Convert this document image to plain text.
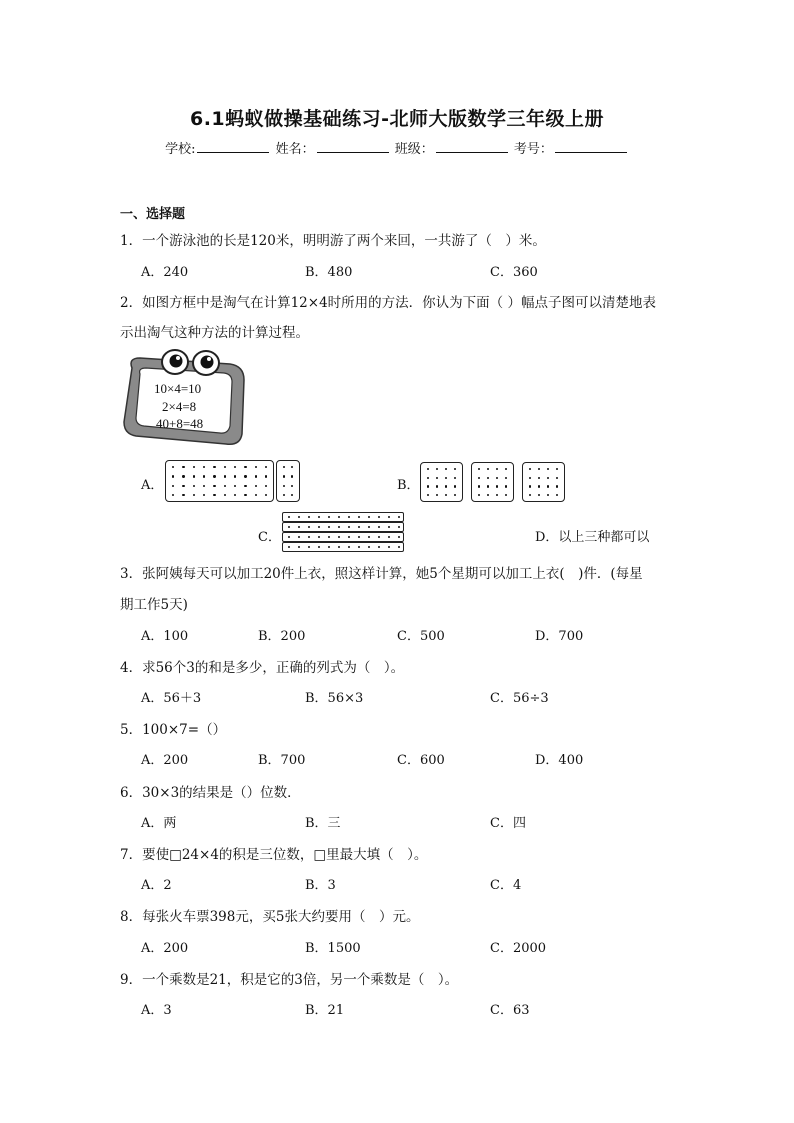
6.1蚂蚁做操基础练习-北师大版数学三年级上册
学校:	姓名：	班级：	考号：
一、选择题
1．一个游泳池的长是120米，明明游了两个来回，一共游了（　）米。
A．240	B．480	C．360
2．如图方框中是淘气在计算12×4时所用的方法．你认为下面（ ）幅点子图可以清楚地表
示出淘气这种方法的计算过程。
10×4=10
2×4=8
40+8=48
A．	B．
C．	D．以上三种都可以
3．张阿姨每天可以加工20件上衣，照这样计算，她5个星期可以加工上衣(　)件．(每星
期工作5天)
A．100	B．200	C．500	D．700
4．求56个3的和是多少，正确的列式为（　）。
A．56＋3	B．56×3	C．56÷3
5．100×7=（）
A．200	B．700	C．600	D．400
6．30×3的结果是（）位数．
A．两	B．三	C．四
7．要使□24×4的积是三位数，□里最大填（　）。
A．2	B．3	C．4
8．每张火车票398元，买5张大约要用（　）元。
A．200	B．1500	C．2000
9．一个乘数是21，积是它的3倍，另一个乘数是（　）。
A．3	B．21	C．63
